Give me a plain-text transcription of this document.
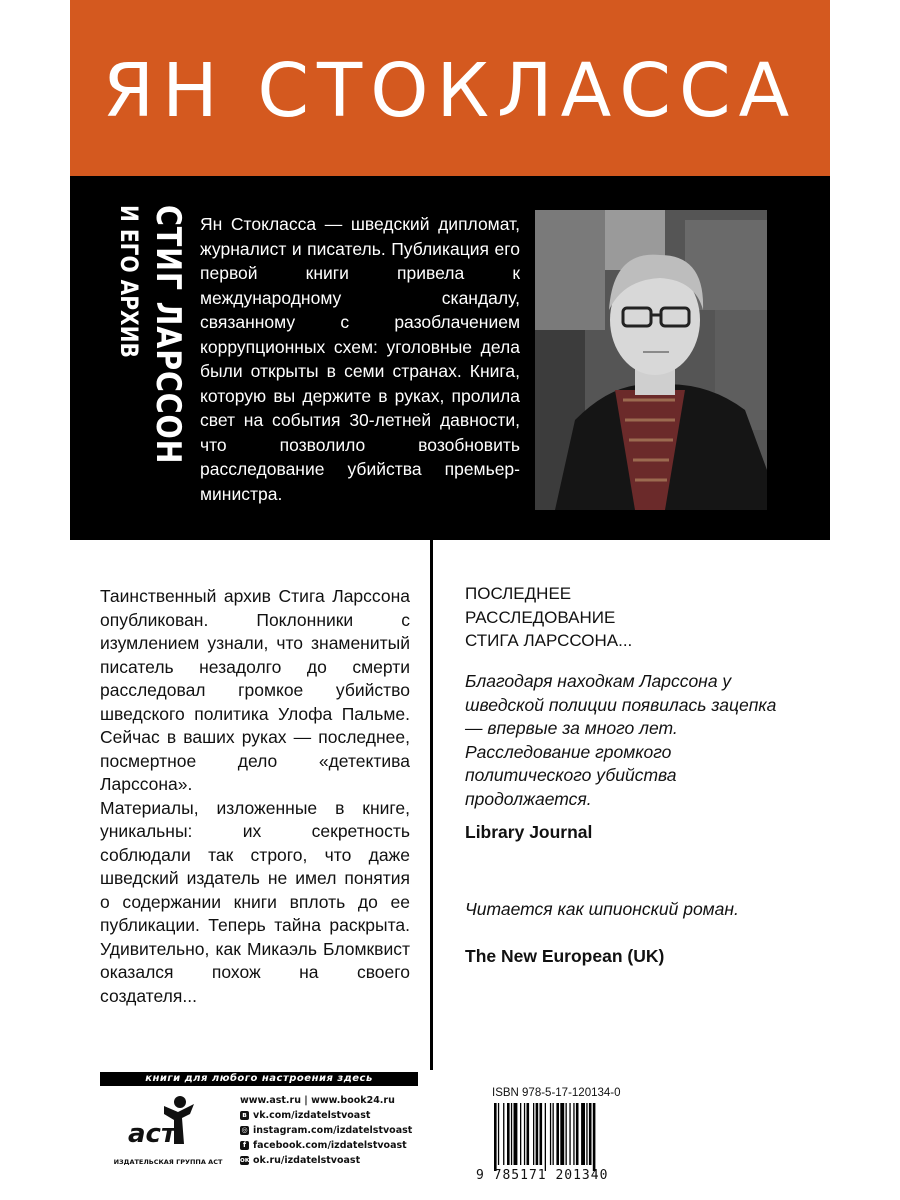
ЯН СТОКЛАССА
СТИГ ЛАРССОН
И ЕГО АРХИВ	Ян Стокласса — шведский дипломат, журналист и писатель. Публикация его первой книги привела к международному скандалу, связанному с разоблачением коррупционных схем: уголовные дела были открыты в семи странах. Книга, которую вы держите в руках, пролила свет на события 30-летней давности, что позволило возобновить расследование убийства премьер-министра.

Таинственный архив Стига Ларссона опубликован. Поклонники с изумлением узнали, что знаменитый писатель незадолго до смерти расследовал громкое убийство шведского политика Улофа Пальме. Сейчас в ваших руках — последнее, посмертное дело «детектива Ларссона».

Материалы, изложенные в книге, уникальны: их секретность соблюдали так строго, что даже шведский издатель не имел понятия о содержании книги вплоть до ее публикации. Теперь тайна раскрыта. Удивительно, как Микаэль Бломквист оказался похож на своего создателя...

ПОСЛЕДНЕЕ
РАССЛЕДОВАНИЕ
СТИГА ЛАРССОНА...
Благодаря находкам Ларссона у шведской полиции появилась зацепка — впервые за много лет. Расследование громкого политического убийства продолжается.
Library Journal
Читается как шпионский роман.
The New European (UK)
книги для любого настроения здесь
аст
ИЗДАТЕЛЬСКАЯ ГРУППА АСТ
www.ast.ru | www.book24.ru
в vk.com/izdatelstvoast
◎ instagram.com/izdatelstvoast
f facebook.com/izdatelstvoast
ок ok.ru/izdatelstvoast
ISBN 978-5-17-120134-0
9 785171 201340
